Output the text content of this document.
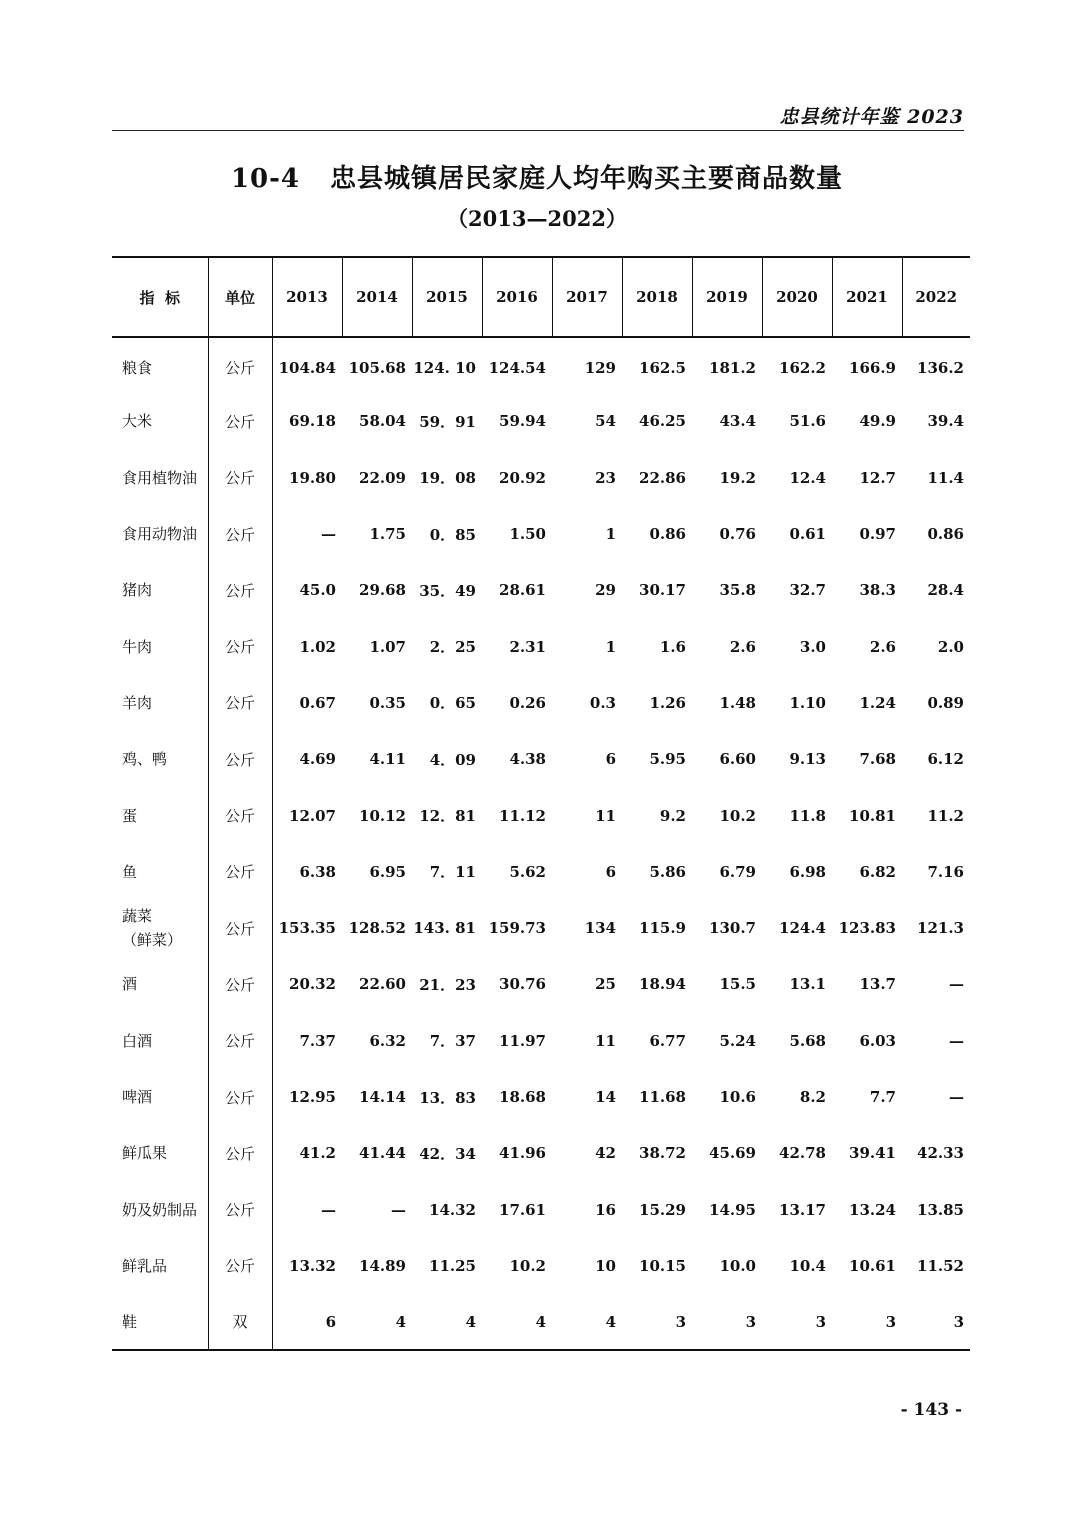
忠县统计年鉴 2023
10-4 忠县城镇居民家庭人均年购买主要商品数量
（2013—2022）
指  标	单位	2013	2014	2015	2016	2017	2018	2019	2020	2021	2022
粮食	公斤	104.84	105.68	124. 10	124.54	129	162.5	181.2	162.2	166.9	136.2
大米	公斤	69.18	58.04	59．91	59.94	54	46.25	43.4	51.6	49.9	39.4
食用植物油	公斤	19.80	22.09	19．08	20.92	23	22.86	19.2	12.4	12.7	11.4
食用动物油	公斤	—	1.75	0．85	1.50	1	0.86	0.76	0.61	0.97	0.86
猪肉	公斤	45.0	29.68	35．49	28.61	29	30.17	35.8	32.7	38.3	28.4
牛肉	公斤	1.02	1.07	2．25	2.31	1	1.6	2.6	3.0	2.6	2.0
羊肉	公斤	0.67	0.35	0．65	0.26	0.3	1.26	1.48	1.10	1.24	0.89
鸡、鸭	公斤	4.69	4.11	4．09	4.38	6	5.95	6.60	9.13	7.68	6.12
蛋	公斤	12.07	10.12	12．81	11.12	11	9.2	10.2	11.8	10.81	11.2
鱼	公斤	6.38	6.95	7．11	5.62	6	5.86	6.79	6.98	6.82	7.16
蔬菜
（鲜菜）	公斤	153.35	128.52	143. 81	159.73	134	115.9	130.7	124.4	123.83	121.3
酒	公斤	20.32	22.60	21．23	30.76	25	18.94	15.5	13.1	13.7	—
白酒	公斤	7.37	6.32	7．37	11.97	11	6.77	5.24	5.68	6.03	—
啤酒	公斤	12.95	14.14	13．83	18.68	14	11.68	10.6	8.2	7.7	—
鲜瓜果	公斤	41.2	41.44	42．34	41.96	42	38.72	45.69	42.78	39.41	42.33
奶及奶制品	公斤	—	—	14.32	17.61	16	15.29	14.95	13.17	13.24	13.85
鲜乳品	公斤	13.32	14.89	11.25	10.2	10	10.15	10.0	10.4	10.61	11.52
鞋	双	6	4	4	4	4	3	3	3	3	3
- 143 -
